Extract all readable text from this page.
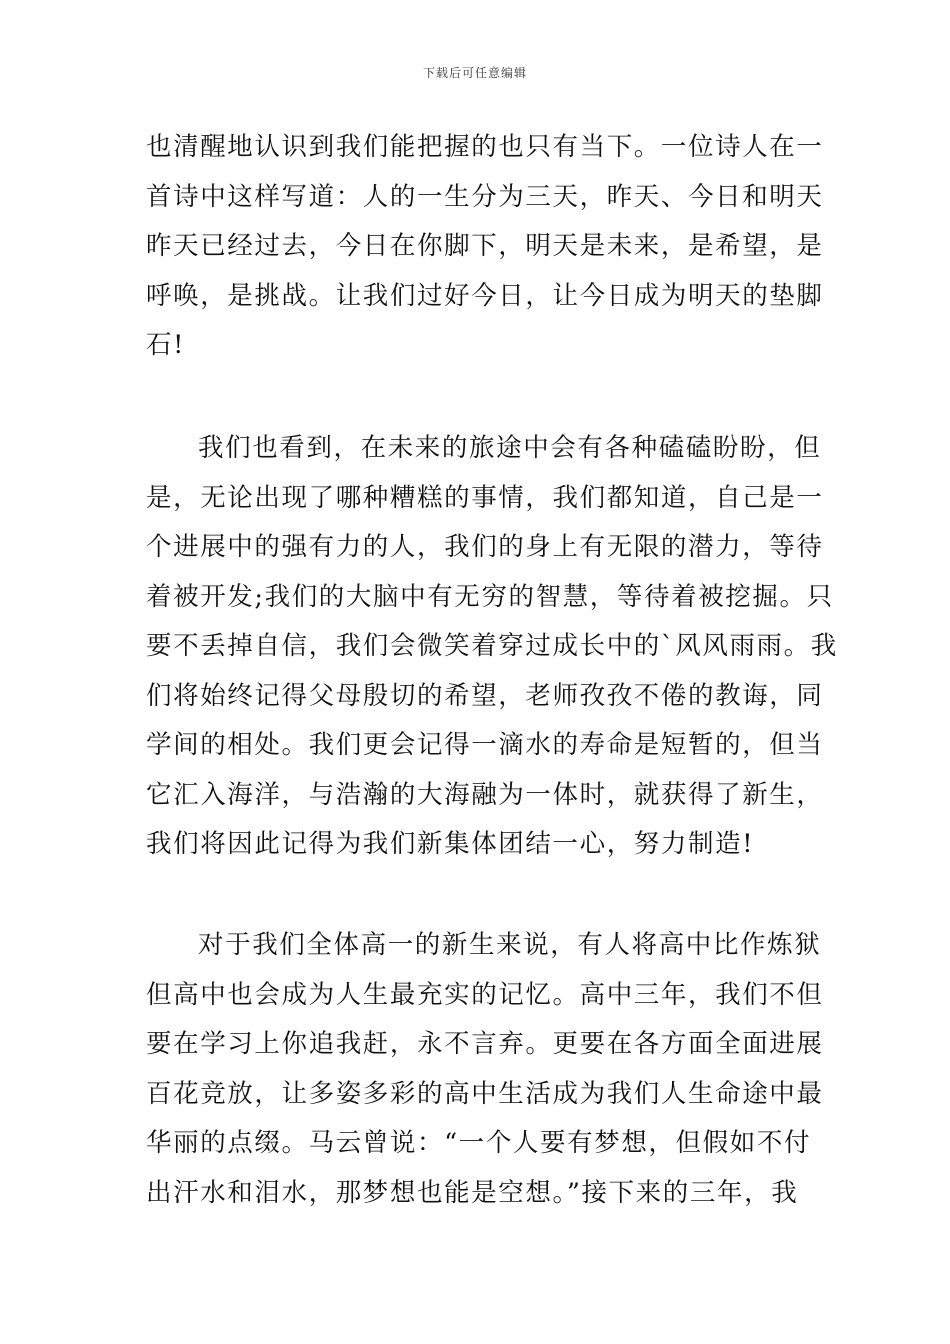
下载后可任意编辑
也清醒地认识到我们能把握的也只有当下。一位诗人在一
首诗中这样写道：人的一生分为三天，昨天、今日和明天
昨天已经过去，今日在你脚下，明天是未来，是希望，是
呼唤，是挑战。让我们过好今日，让今日成为明天的垫脚
石!
我们也看到，在未来的旅途中会有各种磕磕盼盼，但
是，无论出现了哪种糟糕的事情，我们都知道，自己是一
个进展中的强有力的人，我们的身上有无限的潜力，等待
着被开发;我们的大脑中有无穷的智慧，等待着被挖掘。只
要不丢掉自信，我们会微笑着穿过成长中的`风风雨雨。我
们将始终记得父母殷切的希望，老师孜孜不倦的教诲，同
学间的相处。我们更会记得一滴水的寿命是短暂的，但当
它汇入海洋，与浩瀚的大海融为一体时，就获得了新生，
我们将因此记得为我们新集体团结一心，努力制造!
对于我们全体高一的新生来说，有人将高中比作炼狱
但高中也会成为人生最充实的记忆。高中三年，我们不但
要在学习上你追我赶，永不言弃。更要在各方面全面进展
百花竞放，让多姿多彩的高中生活成为我们人生命途中最
华丽的点缀。马云曾说：“一个人要有梦想，但假如不付
出汗水和泪水，那梦想也能是空想。”接下来的三年，我
